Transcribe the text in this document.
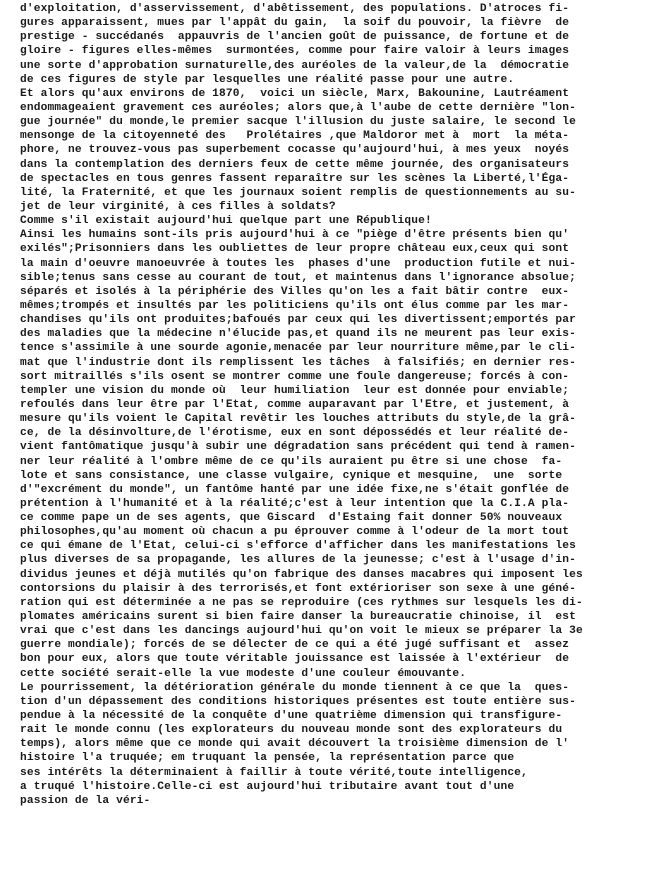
d'exploitation, d'asservissement, d'abêtissement, des populations. D'atroces fi-
gures apparaissent, mues par l'appât du gain,  la soif du pouvoir, la fièvre  de
prestige - succédanés  appauvris de l'ancien goût de puissance, de fortune et de
gloire - figures elles-mêmes  surmontées, comme pour faire valoir à leurs images
une sorte d'approbation surnaturelle,des auréoles de la valeur,de la  démocratie
de ces figures de style par lesquelles une réalité passe pour une autre.
Et alors qu'aux environs de 1870,  voici un siècle, Marx, Bakounine, Lautréament
endommageaient gravement ces auréoles; alors que,à l'aube de cette dernière "lon-
gue journée" du monde,le premier sacque l'illusion du juste salaire, le second le
mensonge de la citoyenneté des   Prolétaires ,que Maldoror met à  mort  la méta-
phore, ne trouvez-vous pas superbement cocasse qu'aujourd'hui, à mes yeux  noyés
dans la contemplation des derniers feux de cette même journée, des organisateurs
de spectacles en tous genres fassent reparaître sur les scènes la Liberté,l'Éga-
lité, la Fraternité, et que les journaux soient remplis de questionnements au su-
jet de leur virginité, à ces filles à soldats?
Comme s'il existait aujourd'hui quelque part une République!
Ainsi les humains sont-ils pris aujourd'hui à ce "piège d'être présents bien qu'
exilés";Prisonniers dans les oubliettes de leur propre château eux,ceux qui sont
la main d'oeuvre manoeuvrée à toutes les  phases d'une  production futile et nui-
sible;tenus sans cesse au courant de tout, et maintenus dans l'ignorance absolue;
séparés et isolés à la périphérie des Villes qu'on les a fait bâtir contre  eux-
mêmes;trompés et insultés par les politiciens qu'ils ont élus comme par les mar-
chandises qu'ils ont produites;bafoués par ceux qui les divertissent;emportés par
des maladies que la médecine n'élucide pas,et quand ils ne meurent pas leur exis-
tence s'assimile à une sourde agonie,menacée par leur nourriture même,par le cli-
mat que l'industrie dont ils remplissent les tâches  à falsifiés; en dernier res-
sort mitraillés s'ils osent se montrer comme une foule dangereuse; forcés à con-
templer une vision du monde où  leur humiliation  leur est donnée pour enviable;
refoulés dans leur être par l'Etat, comme auparavant par l'Etre, et justement, à
mesure qu'ils voient le Capital revêtir les louches attributs du style,de la grâ-
ce, de la désinvolture,de l'érotisme, eux en sont dépossédés et leur réalité de-
vient fantômatique jusqu'à subir une dégradation sans précédent qui tend à ramen-
ner leur réalité à l'ombre même de ce qu'ils auraient pu être si une chose  fa-
lote et sans consistance, une classe vulgaire, cynique et mesquine,  une  sorte
d'"excrément du monde", un fantôme hanté par une idée fixe,ne s'était gonflée de
prétention à l'humanité et à la réalité;c'est à leur intention que la C.I.A pla-
ce comme pape un de ses agents, que Giscard  d'Estaing fait donner 50% nouveaux
philosophes,qu'au moment où chacun a pu éprouver comme à l'odeur de la mort tout
ce qui émane de l'Etat, celui-ci s'efforce d'afficher dans les manifestations les
plus diverses de sa propagande, les allures de la jeunesse; c'est à l'usage d'in-
dividus jeunes et déjà mutilés qu'on fabrique des danses macabres qui imposent les
contorsions du plaisir à des terrorisés,et font extérioriser son sexe à une géné-
ration qui est déterminée a ne pas se reproduire (ces rythmes sur lesquels les di-
plomates américains surent si bien faire danser la bureaucratie chinoise, il  est
vrai que c'est dans les dancings aujourd'hui qu'on voit le mieux se préparer la 3e
guerre mondiale); forcés de se délecter de ce qui a été jugé suffisant et  assez
bon pour eux, alors que toute véritable jouissance est laissée à l'extérieur  de
cette société serait-elle la vue modeste d'une couleur émouvante.
Le pourrissement, la détérioration générale du monde tiennent à ce que la  ques-
tion d'un dépassement des conditions historiques présentes est toute entière sus-
pendue à la nécessité de la conquête d'une quatrième dimension qui transfigure-
rait le monde connu (les explorateurs du nouveau monde sont des explorateurs du
temps), alors même que ce monde qui avait découvert la troisième dimension de l'
histoire l'a truquée; em truquant la pensée, la représentation parce que
ses intérêts la déterminaient à faillir à toute vérité,toute intelligence,
a truqué l'histoire.Celle-ci est aujourd'hui tributaire avant tout d'une
passion de la véri-
